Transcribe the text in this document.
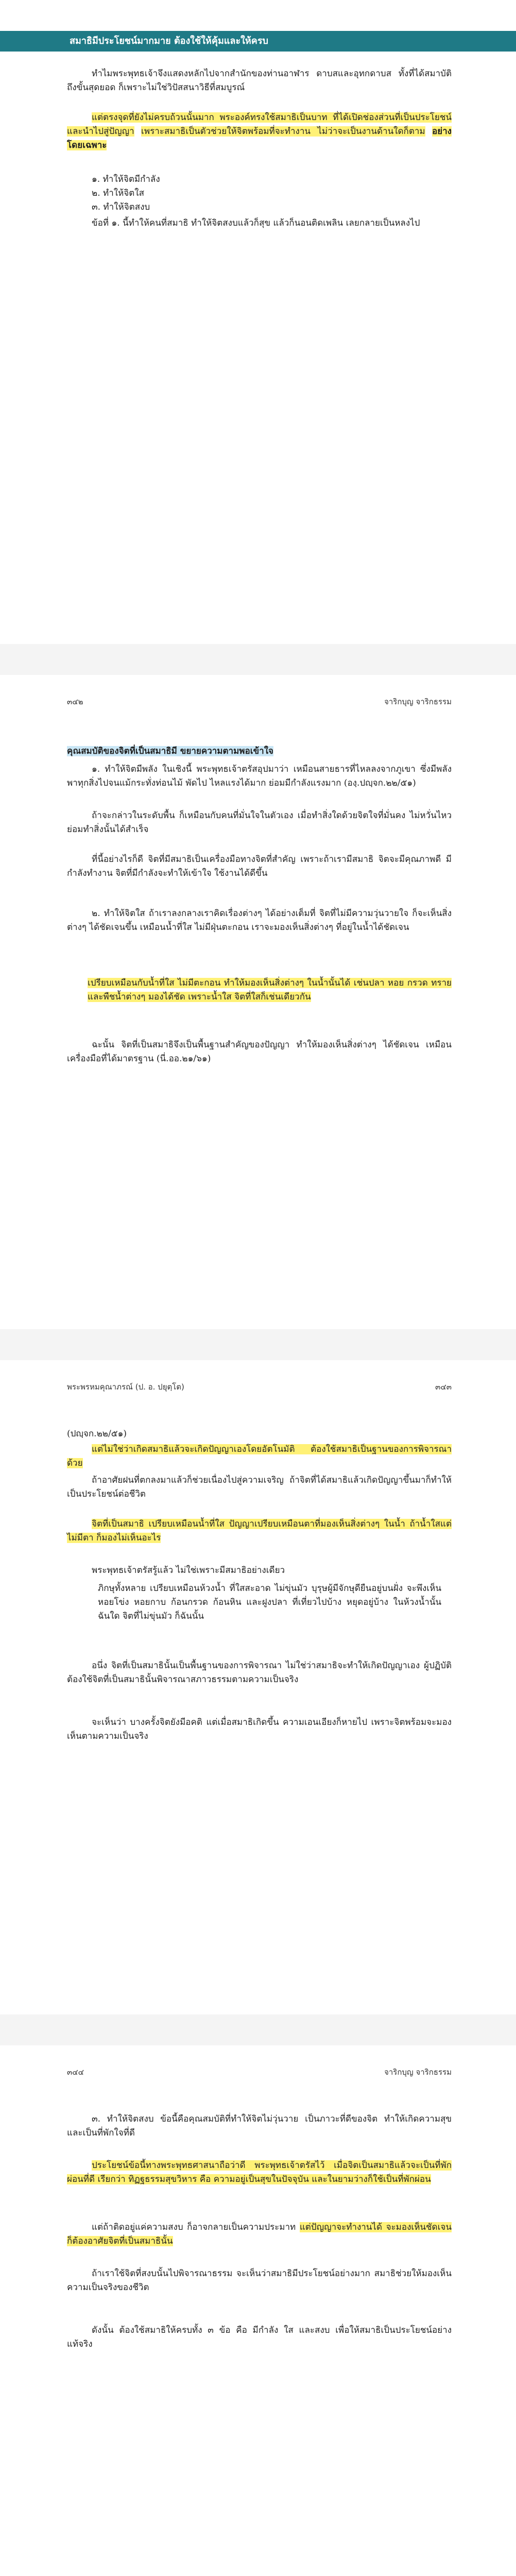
สมาธิมีประโยชน์มากมาย ต้องใช้ให้คุ้มและให้ครบ
ทำไมพระพุทธเจ้าจึงแสดงหลักไปจากสำนักของท่านอาฬาร ดาบสและอุทกดาบส ทั้งที่ได้สมาบัติถึงขั้นสุดยอด ก็เพราะไม่ใช่วิปัสสนาวิธีที่สมบูรณ์
แต่ตรงจุดที่ยังไม่ครบถ้วนนั้นมาก พระองค์ทรงใช้สมาธิเป็นบาท ที่ได้เปิดช่องส่วนที่เป็นประโยชน์และนำไปสู่ปัญญา เพราะสมาธิเป็นตัวช่วยให้จิตพร้อมที่จะทำงาน ไม่ว่าจะเป็นงานด้านใดก็ตาม อย่าง โดยเฉพาะ
๑. ทำให้จิตมีกำลัง
๒. ทำให้จิตใส
๓. ทำให้จิตสงบ
ข้อที่ ๑. นี้ทำให้คนที่สมาธิ ทำให้จิตสงบแล้วก็สุข แล้วก็นอนติดเพลิน เลยกลายเป็นหลงไป
๓๔๒	จาริกบุญ จาริกธรรม
คุณสมบัติของจิตที่เป็นสมาธิมี ขยายความตามพอเข้าใจ
๑. ทำให้จิตมีพลัง ในเชิงนี้ พระพุทธเจ้าตรัสอุปมาว่า เหมือนสายธารที่ไหลลงจากภูเขา ซึ่งมีพลังพาทุกสิ่งไปจนแม้กระทั่งท่อนไม้ พัดไป ไหลแรงได้มาก ย่อมมีกำลังแรงมาก (องฺ.ปญฺจก.๒๒/๕๑)
ถ้าจะกล่าวในระดับพื้น ก็เหมือนกับคนที่มั่นใจในตัวเอง เมื่อทำสิ่งใดด้วยจิตใจที่มั่นคง ไม่หวั่นไหว ย่อมทำสิ่งนั้นได้สำเร็จ
ที่นี้อย่างไรก็ดี จิตที่มีสมาธิเป็นเครื่องมือทางจิตที่สำคัญ เพราะถ้าเรามีสมาธิ จิตจะมีคุณภาพดี มีกำลังทำงาน จิตที่มีกำลังจะทำให้เข้าใจ ใช้งานได้ดีขึ้น
๒. ทำให้จิตใส ถ้าเราลงกลางเราคิดเรื่องต่างๆ ได้อย่างเต็มที่ จิตที่ไม่มีความวุ่นวายใจ ก็จะเห็นสิ่งต่างๆ ได้ชัดเจนขึ้น เหมือนน้ำที่ใส ไม่มีฝุ่นตะกอน เราจะมองเห็นสิ่งต่างๆ ที่อยู่ในน้ำได้ชัดเจน
เปรียบเหมือนกับน้ำที่ใส ไม่มีตะกอน ทำให้มองเห็นสิ่งต่างๆ ในน้ำนั้นได้ เช่นปลา หอย กรวด ทราย และพืชน้ำต่างๆ มองได้ชัด เพราะน้ำใส จิตที่ใสก็เช่นเดียวกัน
ฉะนั้น จิตที่เป็นสมาธิจึงเป็นพื้นฐานสำคัญของปัญญา ทำให้มองเห็นสิ่งต่างๆ ได้ชัดเจน เหมือนเครื่องมือที่ได้มาตรฐาน (นี่.ออ.๒๑/๖๑)
พระพรหมคุณาภรณ์ (ป. อ. ปยุตฺโต)	๓๔๓
(ปญฺจก.๒๒/๕๑)
แต่ไม่ใช่ว่าเกิดสมาธิแล้วจะเกิดปัญญาเองโดยอัตโนมัติ ต้องใช้สมาธิเป็นฐานของการพิจารณาด้วย
ถ้าอาศัยฝนที่ตกลงมาแล้วก็ช่วยเนื่องไปสู่ความเจริญ ถ้าจิตที่ได้สมาธิแล้วเกิดปัญญาขึ้นมาก็ทำให้เป็นประโยชน์ต่อชีวิต
จิตที่เป็นสมาธิ เปรียบเหมือนน้ำที่ใส ปัญญาเปรียบเหมือนตาที่มองเห็นสิ่งต่างๆ ในน้ำ ถ้าน้ำใสแต่ไม่มีตา ก็มองไม่เห็นอะไร
พระพุทธเจ้าตรัสรู้แล้ว ไม่ใช่เพราะมีสมาธิอย่างเดียว
ภิกษุทั้งหลาย เปรียบเหมือนห้วงน้ำ ที่ใสสะอาด ไม่ขุ่นมัว บุรุษผู้มีจักษุดียืนอยู่บนฝั่ง จะพึงเห็นหอยโข่ง หอยกาบ ก้อนกรวด ก้อนหิน และฝูงปลา ที่เที่ยวไปบ้าง หยุดอยู่บ้าง ในห้วงน้ำนั้น ฉันใด จิตที่ไม่ขุ่นมัว ก็ฉันนั้น
อนึ่ง จิตที่เป็นสมาธินั้นเป็นพื้นฐานของการพิจารณา ไม่ใช่ว่าสมาธิจะทำให้เกิดปัญญาเอง ผู้ปฏิบัติต้องใช้จิตที่เป็นสมาธินั้นพิจารณาสภาวธรรมตามความเป็นจริง
จะเห็นว่า บางครั้งจิตยังมีอคติ แต่เมื่อสมาธิเกิดขึ้น ความเอนเอียงก็หายไป เพราะจิตพร้อมจะมองเห็นตามความเป็นจริง
๓๔๔	จาริกบุญ จาริกธรรม
๓. ทำให้จิตสงบ ข้อนี้คือคุณสมบัติที่ทำให้จิตไม่วุ่นวาย เป็นภาวะที่ดีของจิต ทำให้เกิดความสุข และเป็นที่พักใจที่ดี
ประโยชน์ข้อนี้ทางพระพุทธศาสนาถือว่าดี พระพุทธเจ้าตรัสไว้ เมื่อจิตเป็นสมาธิแล้วจะเป็นที่พักผ่อนที่ดี เรียกว่า ทิฏฐธรรมสุขวิหาร คือ ความอยู่เป็นสุขในปัจจุบัน และในยามว่างก็ใช้เป็นที่พักผ่อน
แต่ถ้าติดอยู่แค่ความสงบ ก็อาจกลายเป็นความประมาท แต่ปัญญาจะทำงานได้ จะมองเห็นชัดเจน ก็ต้องอาศัยจิตที่เป็นสมาธินั้น
ถ้าเราใช้จิตที่สงบนั้นไปพิจารณาธรรม จะเห็นว่าสมาธิมีประโยชน์อย่างมาก สมาธิช่วยให้มองเห็นความเป็นจริงของชีวิต
ดังนั้น ต้องใช้สมาธิให้ครบทั้ง ๓ ข้อ คือ มีกำลัง ใส และสงบ เพื่อให้สมาธิเป็นประโยชน์อย่างแท้จริง
